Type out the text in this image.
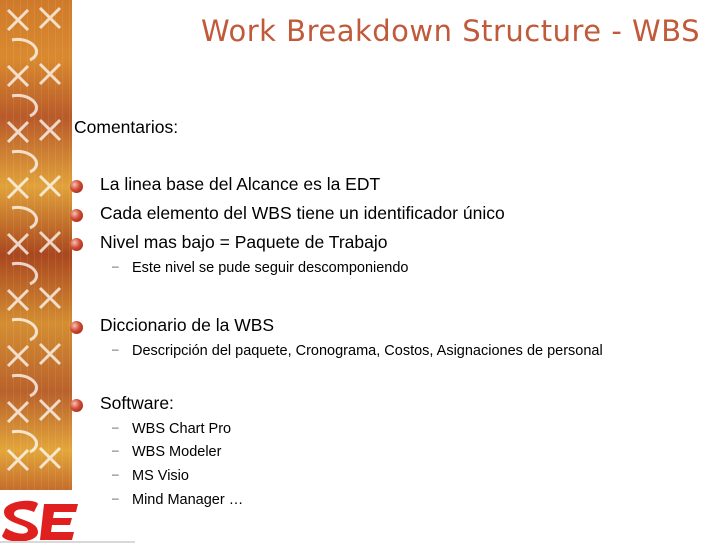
Work Breakdown Structure - WBS
Comentarios:
La linea base del Alcance es la EDT
Cada elemento del WBS tiene un identificador único
Nivel mas bajo = Paquete de Trabajo
– Este nivel se pude seguir descomponiendo
Diccionario de la WBS
– Descripción del paquete, Cronograma, Costos, Asignaciones de personal
Software:
– WBS Chart Pro
– WBS Modeler
– MS Visio
– Mind Manager …
